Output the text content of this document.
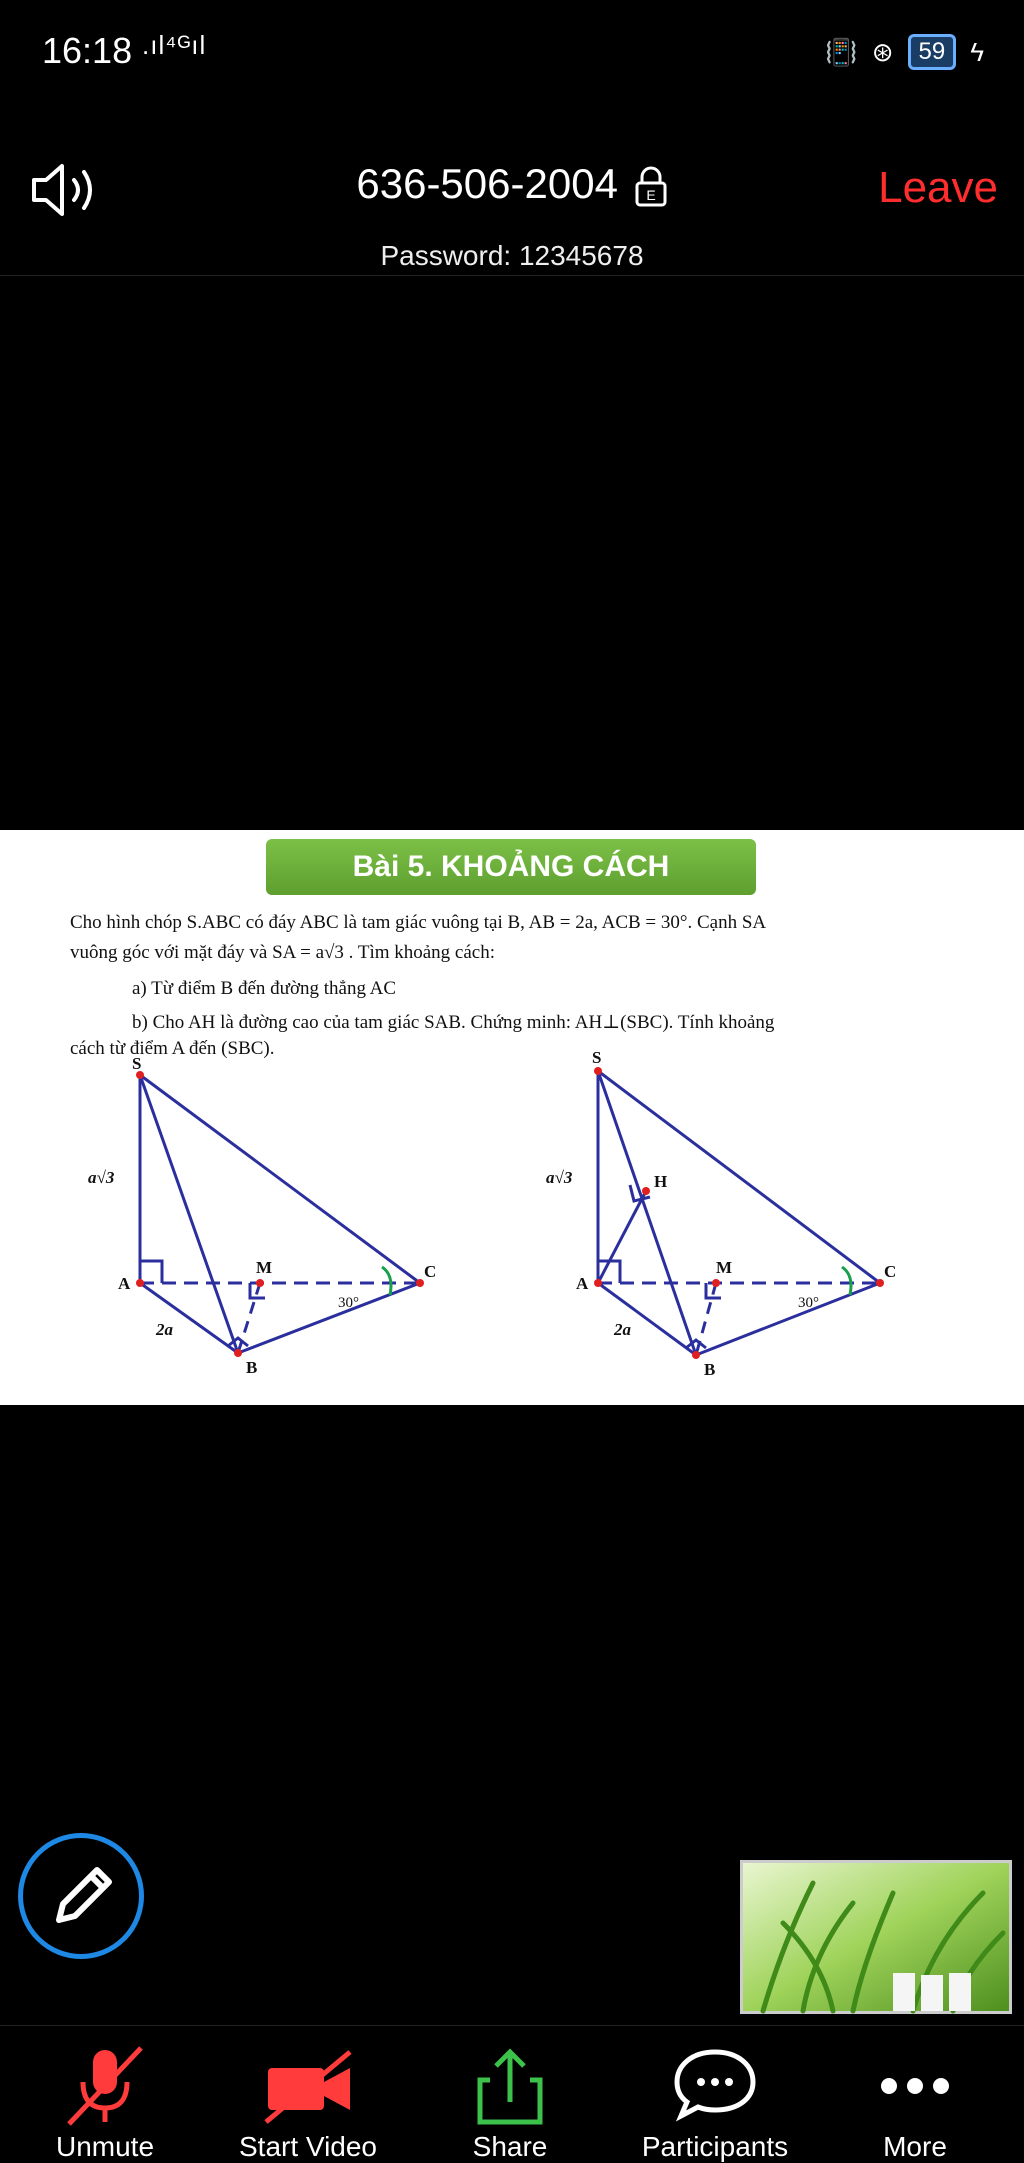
16:18 .ıl⁴ᴳıl	📳 ⊛	59 ϟ
636-506-2004 E
Password: 12345678
Leave
Bài 5. KHOẢNG CÁCH
Cho hình chóp S.ABC có đáy ABC là tam giác vuông tại B, AB = 2a, ACB = 30°. Cạnh SA
vuông góc với mặt đáy và SA = a√3 . Tìm khoảng cách:
a) Từ điểm B đến đường thẳng AC
b) Cho AH là đường cao của tam giác SAB. Chứng minh: AH⊥(SBC). Tính khoảng
cách từ điểm A đến (SBC).
S
A
B
C
M
a√3
2a
30°
S
A
B
C
M
H
a√3
2a
30°
Unmute	Start Video	Share	Participants	More
